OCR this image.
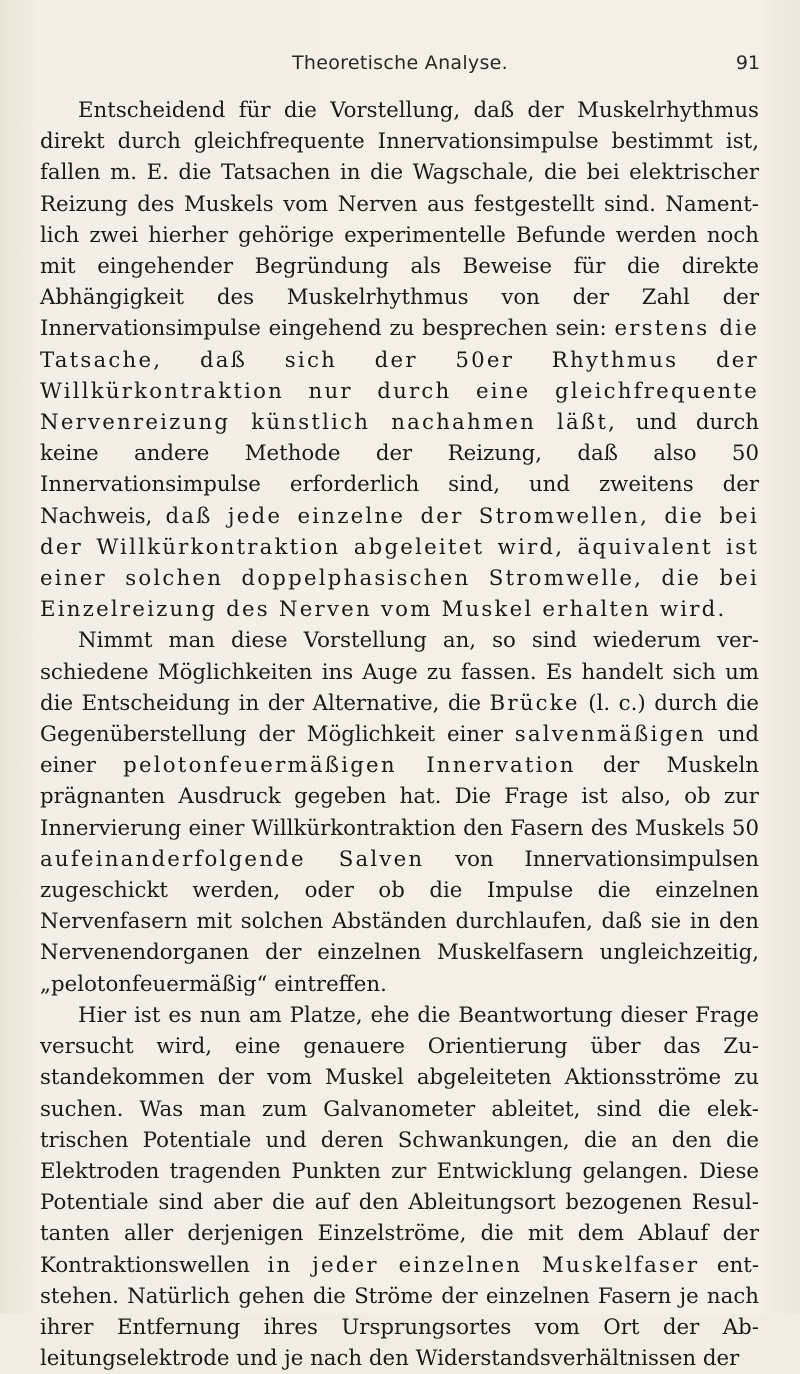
Theoretische Analyse.	91

Entscheidend für die Vorstellung, daß der Muskelrhythmus direkt durch gleichfrequente Innervationsimpulse bestimmt ist, fallen m. E. die Tatsachen in die Wagschale, die bei elektrischer Reizung des Muskels vom Nerven aus festgestellt sind. Namentlich zwei hierher gehörige experimentelle Befunde werden noch mit eingehender Begründung als Beweise für die direkte Abhängigkeit des Muskelrhythmus von der Zahl der Innervationsimpulse eingehend zu besprechen sein: erstens die Tatsache, daß sich der 50er Rhythmus der Willkürkontraktion nur durch eine gleichfrequente Nervenreizung künstlich nachahmen läßt, und durch keine andere Methode der Reizung, daß also 50 Innervationsimpulse erforderlich sind, und zweitens der Nachweis, daß jede einzelne der Stromwellen, die bei der Willkürkontraktion abgeleitet wird, äquivalent ist einer solchen doppelphasischen Stromwelle, die bei Einzelreizung des Nerven vom Muskel erhalten wird.

Nimmt man diese Vorstellung an, so sind wiederum verschiedene Möglichkeiten ins Auge zu fassen. Es handelt sich um die Entscheidung in der Alternative, die Brücke (l. c.) durch die Gegenüberstellung der Möglichkeit einer salvenmäßigen und einer pelotonfeuermäßigen Innervation der Muskeln prägnanten Ausdruck gegeben hat. Die Frage ist also, ob zur Innervierung einer Willkürkontraktion den Fasern des Muskels 50 aufeinanderfolgende Salven von Innervationsimpulsen zugeschickt werden, oder ob die Impulse die einzelnen Nervenfasern mit solchen Abständen durchlaufen, daß sie in den Nervenendorganen der einzelnen Muskelfasern ungleichzeitig, „pelotonfeuermäßig“ eintreffen.

Hier ist es nun am Platze, ehe die Beantwortung dieser Frage versucht wird, eine genauere Orientierung über das Zustandekommen der vom Muskel abgeleiteten Aktionsströme zu suchen. Was man zum Galvanometer ableitet, sind die elektrischen Potentiale und deren Schwankungen, die an den die Elektroden tragenden Punkten zur Entwicklung gelangen. Diese Potentiale sind aber die auf den Ableitungsort bezogenen Resultanten aller derjenigen Einzelströme, die mit dem Ablauf der Kontraktionswellen in jeder einzelnen Muskelfaser entstehen. Natürlich gehen die Ströme der einzelnen Fasern je nach ihrer Entfernung ihres Ursprungsortes vom Ort der Ableitungselektrode und je nach den Widerstandsverhältnissen der
